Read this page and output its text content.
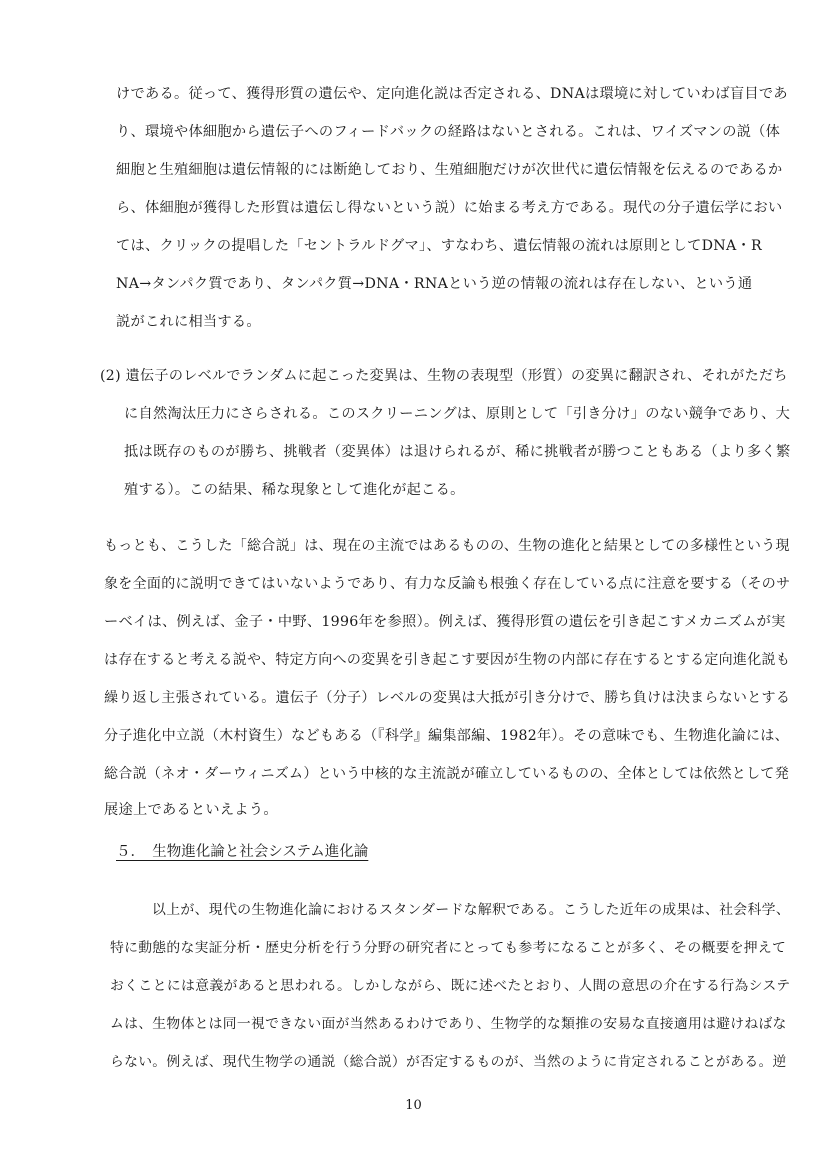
けである。従って、獲得形質の遺伝や、定向進化説は否定される、DNAは環境に対していわば盲目であ
り、環境や体細胞から遺伝子へのフィードバックの経路はないとされる。これは、ワイズマンの説（体
細胞と生殖細胞は遺伝情報的には断絶しており、生殖細胞だけが次世代に遺伝情報を伝えるのであるか
ら、体細胞が獲得した形質は遺伝し得ないという説）に始まる考え方である。現代の分子遺伝学におい
ては、クリックの提唱した「セントラルドグマ」、すなわち、遺伝情報の流れは原則としてDNA・R
NA→タンパク質であり、タンパク質→DNA・RNAという逆の情報の流れは存在しない、という通
説がこれに相当する。
(2) 遺伝子のレベルでランダムに起こった変異は、生物の表現型（形質）の変異に翻訳され、それがただち
に自然淘汰圧力にさらされる。このスクリーニングは、原則として「引き分け」のない競争であり、大
抵は既存のものが勝ち、挑戦者（変異体）は退けられるが、稀に挑戦者が勝つこともある（より多く繁
殖する）。この結果、稀な現象として進化が起こる。
もっとも、こうした「総合説」は、現在の主流ではあるものの、生物の進化と結果としての多様性という現
象を全面的に説明できてはいないようであり、有力な反論も根強く存在している点に注意を要する（そのサ
ーベイは、例えば、金子・中野、1996年を参照）。例えば、獲得形質の遺伝を引き起こすメカニズムが実
は存在すると考える説や、特定方向への変異を引き起こす要因が生物の内部に存在するとする定向進化説も
繰り返し主張されている。遺伝子（分子）レベルの変異は大抵が引き分けで、勝ち負けは決まらないとする
分子進化中立説（木村資生）などもある（『科学』編集部編、1982年）。その意味でも、生物進化論には、
総合説（ネオ・ダーウィニズム）という中核的な主流説が確立しているものの、全体としては依然として発
展途上であるといえよう。
５．　生物進化論と社会システム進化論
以上が、現代の生物進化論におけるスタンダードな解釈である。こうした近年の成果は、社会科学、
特に動態的な実証分析・歴史分析を行う分野の研究者にとっても参考になることが多く、その概要を押えて
おくことには意義があると思われる。しかしながら、既に述べたとおり、人間の意思の介在する行為システ
ムは、生物体とは同一視できない面が当然あるわけであり、生物学的な類推の安易な直接適用は避けねばな
らない。例えば、現代生物学の通説（総合説）が否定するものが、当然のように肯定されることがある。逆
10
